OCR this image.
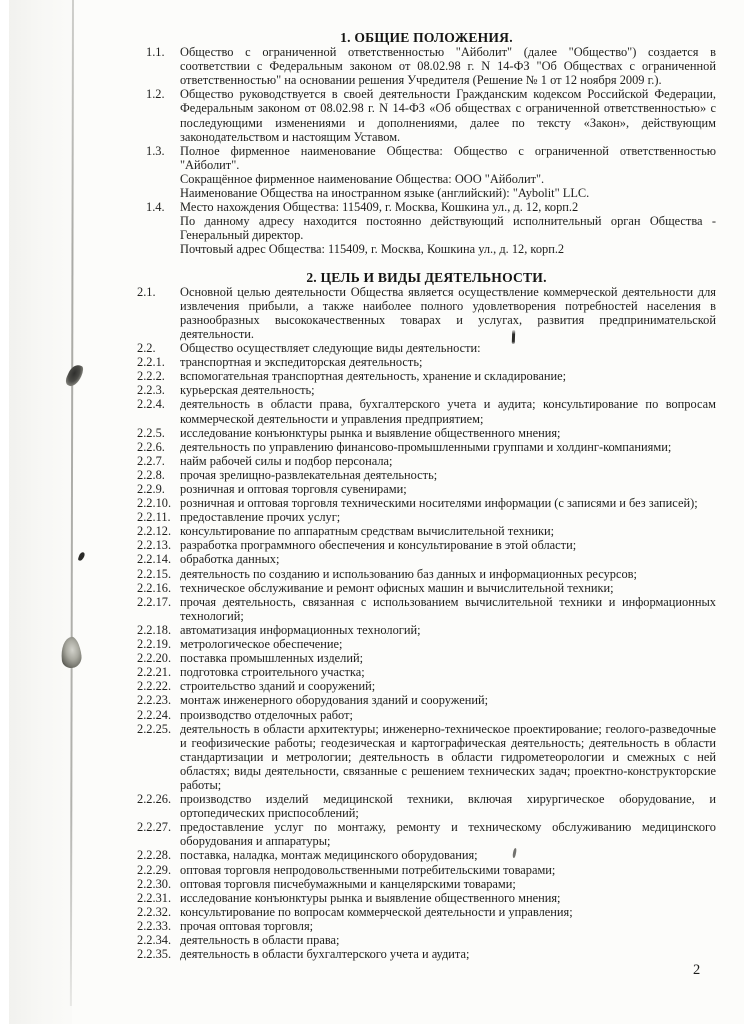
1. ОБЩИЕ ПОЛОЖЕНИЯ.
1.1.	Общество с ограниченной ответственностью "Айболит" (далее "Общество") создается в соответствии с Федеральным законом от 08.02.98 г. N 14-ФЗ "Об Обществах с ограниченной ответственностью" на основании решения Учредителя (Решение № 1 от 12 ноября 2009 г.).
1.2.	Общество руководствуется в своей деятельности Гражданским кодексом Российской Федерации, Федеральным законом от 08.02.98 г. N 14-ФЗ «Об обществах с ограниченной ответственностью» с последующими изменениями и дополнениями, далее по тексту «Закон», действующим законодательством и настоящим Уставом.
1.3.	Полное фирменное наименование Общества: Общество с ограниченной ответственностью "Айболит".
Сокращённое фирменное наименование Общества: ООО "Айболит".
Наименование Общества на иностранном языке (английский): "Aybolit" LLC.
1.4.	Место нахождения Общества: 115409, г. Москва, Кошкина ул., д. 12, корп.2
По данному адресу находится постоянно действующий исполнительный орган Общества - Генеральный директор.
Почтовый адрес Общества: 115409, г. Москва, Кошкина ул., д. 12, корп.2
2. ЦЕЛЬ И ВИДЫ ДЕЯТЕЛЬНОСТИ.
2.1.	Основной целью деятельности Общества является осуществление коммерческой деятельности для извлечения прибыли, а также наиболее полного удовлетворения потребностей населения в разнообразных высококачественных товарах и услугах, развития предпринимательской деятельности.
2.2.	Общество осуществляет следующие виды деятельности:
2.2.1.	транспортная и экспедиторская деятельность;
2.2.2.	вспомогательная транспортная деятельность, хранение и складирование;
2.2.3.	курьерская деятельность;
2.2.4.	деятельность в области права, бухгалтерского учета и аудита; консультирование по вопросам коммерческой деятельности и управления предприятием;
2.2.5.	исследование конъюнктуры рынка и выявление общественного мнения;
2.2.6.	деятельность по управлению финансово-промышленными группами и холдинг-компаниями;
2.2.7.	найм рабочей силы и подбор персонала;
2.2.8.	прочая зрелищно-развлекательная деятельность;
2.2.9.	розничная и оптовая торговля сувенирами;
2.2.10. розничная и оптовая торговля техническими носителями информации (с записями и без записей);
2.2.11. предоставление прочих услуг;
2.2.12. консультирование по аппаратным средствам вычислительной техники;
2.2.13. разработка программного обеспечения и консультирование в этой области;
2.2.14. обработка данных;
2.2.15. деятельность по созданию и использованию баз данных и информационных ресурсов;
2.2.16. техническое обслуживание и ремонт офисных машин и вычислительной техники;
2.2.17. прочая деятельность, связанная с использованием вычислительной техники и информационных технологий;
2.2.18. автоматизация информационных технологий;
2.2.19. метрологическое обеспечение;
2.2.20. поставка промышленных изделий;
2.2.21. подготовка строительного участка;
2.2.22. строительство зданий и сооружений;
2.2.23. монтаж инженерного оборудования зданий и сооружений;
2.2.24. производство отделочных работ;
2.2.25. деятельность в области архитектуры; инженерно-техническое проектирование; геолого-разведочные и геофизические работы; геодезическая и картографическая деятельность; деятельность в области стандартизации и метрологии; деятельность в области гидрометеорологии и смежных с ней областях; виды деятельности, связанные с решением технических задач; проектно-конструкторские работы;
2.2.26. производство изделий медицинской техники, включая хирургическое оборудование, и ортопедических приспособлений;
2.2.27. предоставление услуг по монтажу, ремонту и техническому обслуживанию медицинского оборудования и аппаратуры;
2.2.28. поставка, наладка, монтаж медицинского оборудования;
2.2.29. оптовая торговля непродовольственными потребительскими товарами;
2.2.30. оптовая торговля писчебумажными и канцелярскими товарами;
2.2.31. исследование конъюнктуры рынка и выявление общественного мнения;
2.2.32. консультирование по вопросам коммерческой деятельности и управления;
2.2.33. прочая оптовая торговля;
2.2.34. деятельность в области права;
2.2.35. деятельность в области бухгалтерского учета и аудита;
2
